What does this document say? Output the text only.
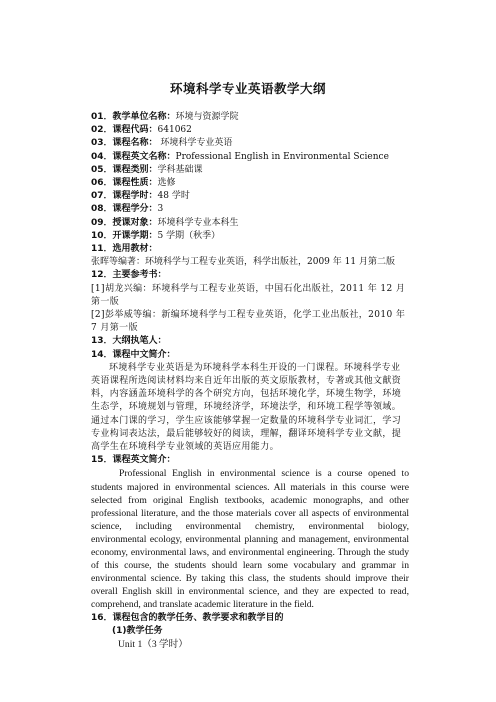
环境科学专业英语教学大纲
01．教学单位名称：环境与资源学院
02．课程代码：641062
03．课程名称： 环境科学专业英语
04．课程英文名称：Professional English in Environmental Science
05．课程类别：学科基础课
06．课程性质：选修
07．课程学时：48 学时
08．课程学分：3
09．授课对象：环境科学专业本科生
10．开课学期：5 学期（秋季）
11．选用教材：
张晖等编著：环境科学与工程专业英语，科学出版社，2009 年 11 月第二版
12．主要参考书：
[1]胡龙兴编：环境科学与工程专业英语，中国石化出版社，2011 年 12 月第一版
[2]彭举威等编：新编环境科学与工程专业英语，化学工业出版社，2010 年 7 月第一版
13．大纲执笔人：
14．课程中文简介：
环境科学专业英语是为环境科学本科生开设的一门课程。环境科学专业英语课程所选阅读材料均来自近年出版的英文原版教材，专著或其他文献资料，内容涵盖环境科学的各个研究方向，包括环境化学，环境生物学，环境生态学，环境规划与管理，环境经济学，环境法学，和环境工程学等领域。通过本门课的学习，学生应该能够掌握一定数量的环境科学专业词汇，学习专业构词表达法，最后能够较好的阅读，理解，翻译环境科学专业文献，提高学生在环境科学专业领域的英语应用能力。
15．课程英文简介：
Professional English in environmental science is a course opened to students majored in environmental sciences. All materials in this course were selected from original English textbooks, academic monographs, and other professional literature, and the those materials cover all aspects of environmental science, including environmental chemistry, environmental biology, environmental ecology, environmental planning and management, environmental economy, environmental laws, and environmental engineering. Through the study of this course, the students should learn some vocabulary and grammar in environmental science. By taking this class, the students should improve their overall English skill in environmental science, and they are expected to read, comprehend, and translate academic literature in the field.
16．课程包含的教学任务、教学要求和教学目的
(1)教学任务
Unit 1（3 学时）
